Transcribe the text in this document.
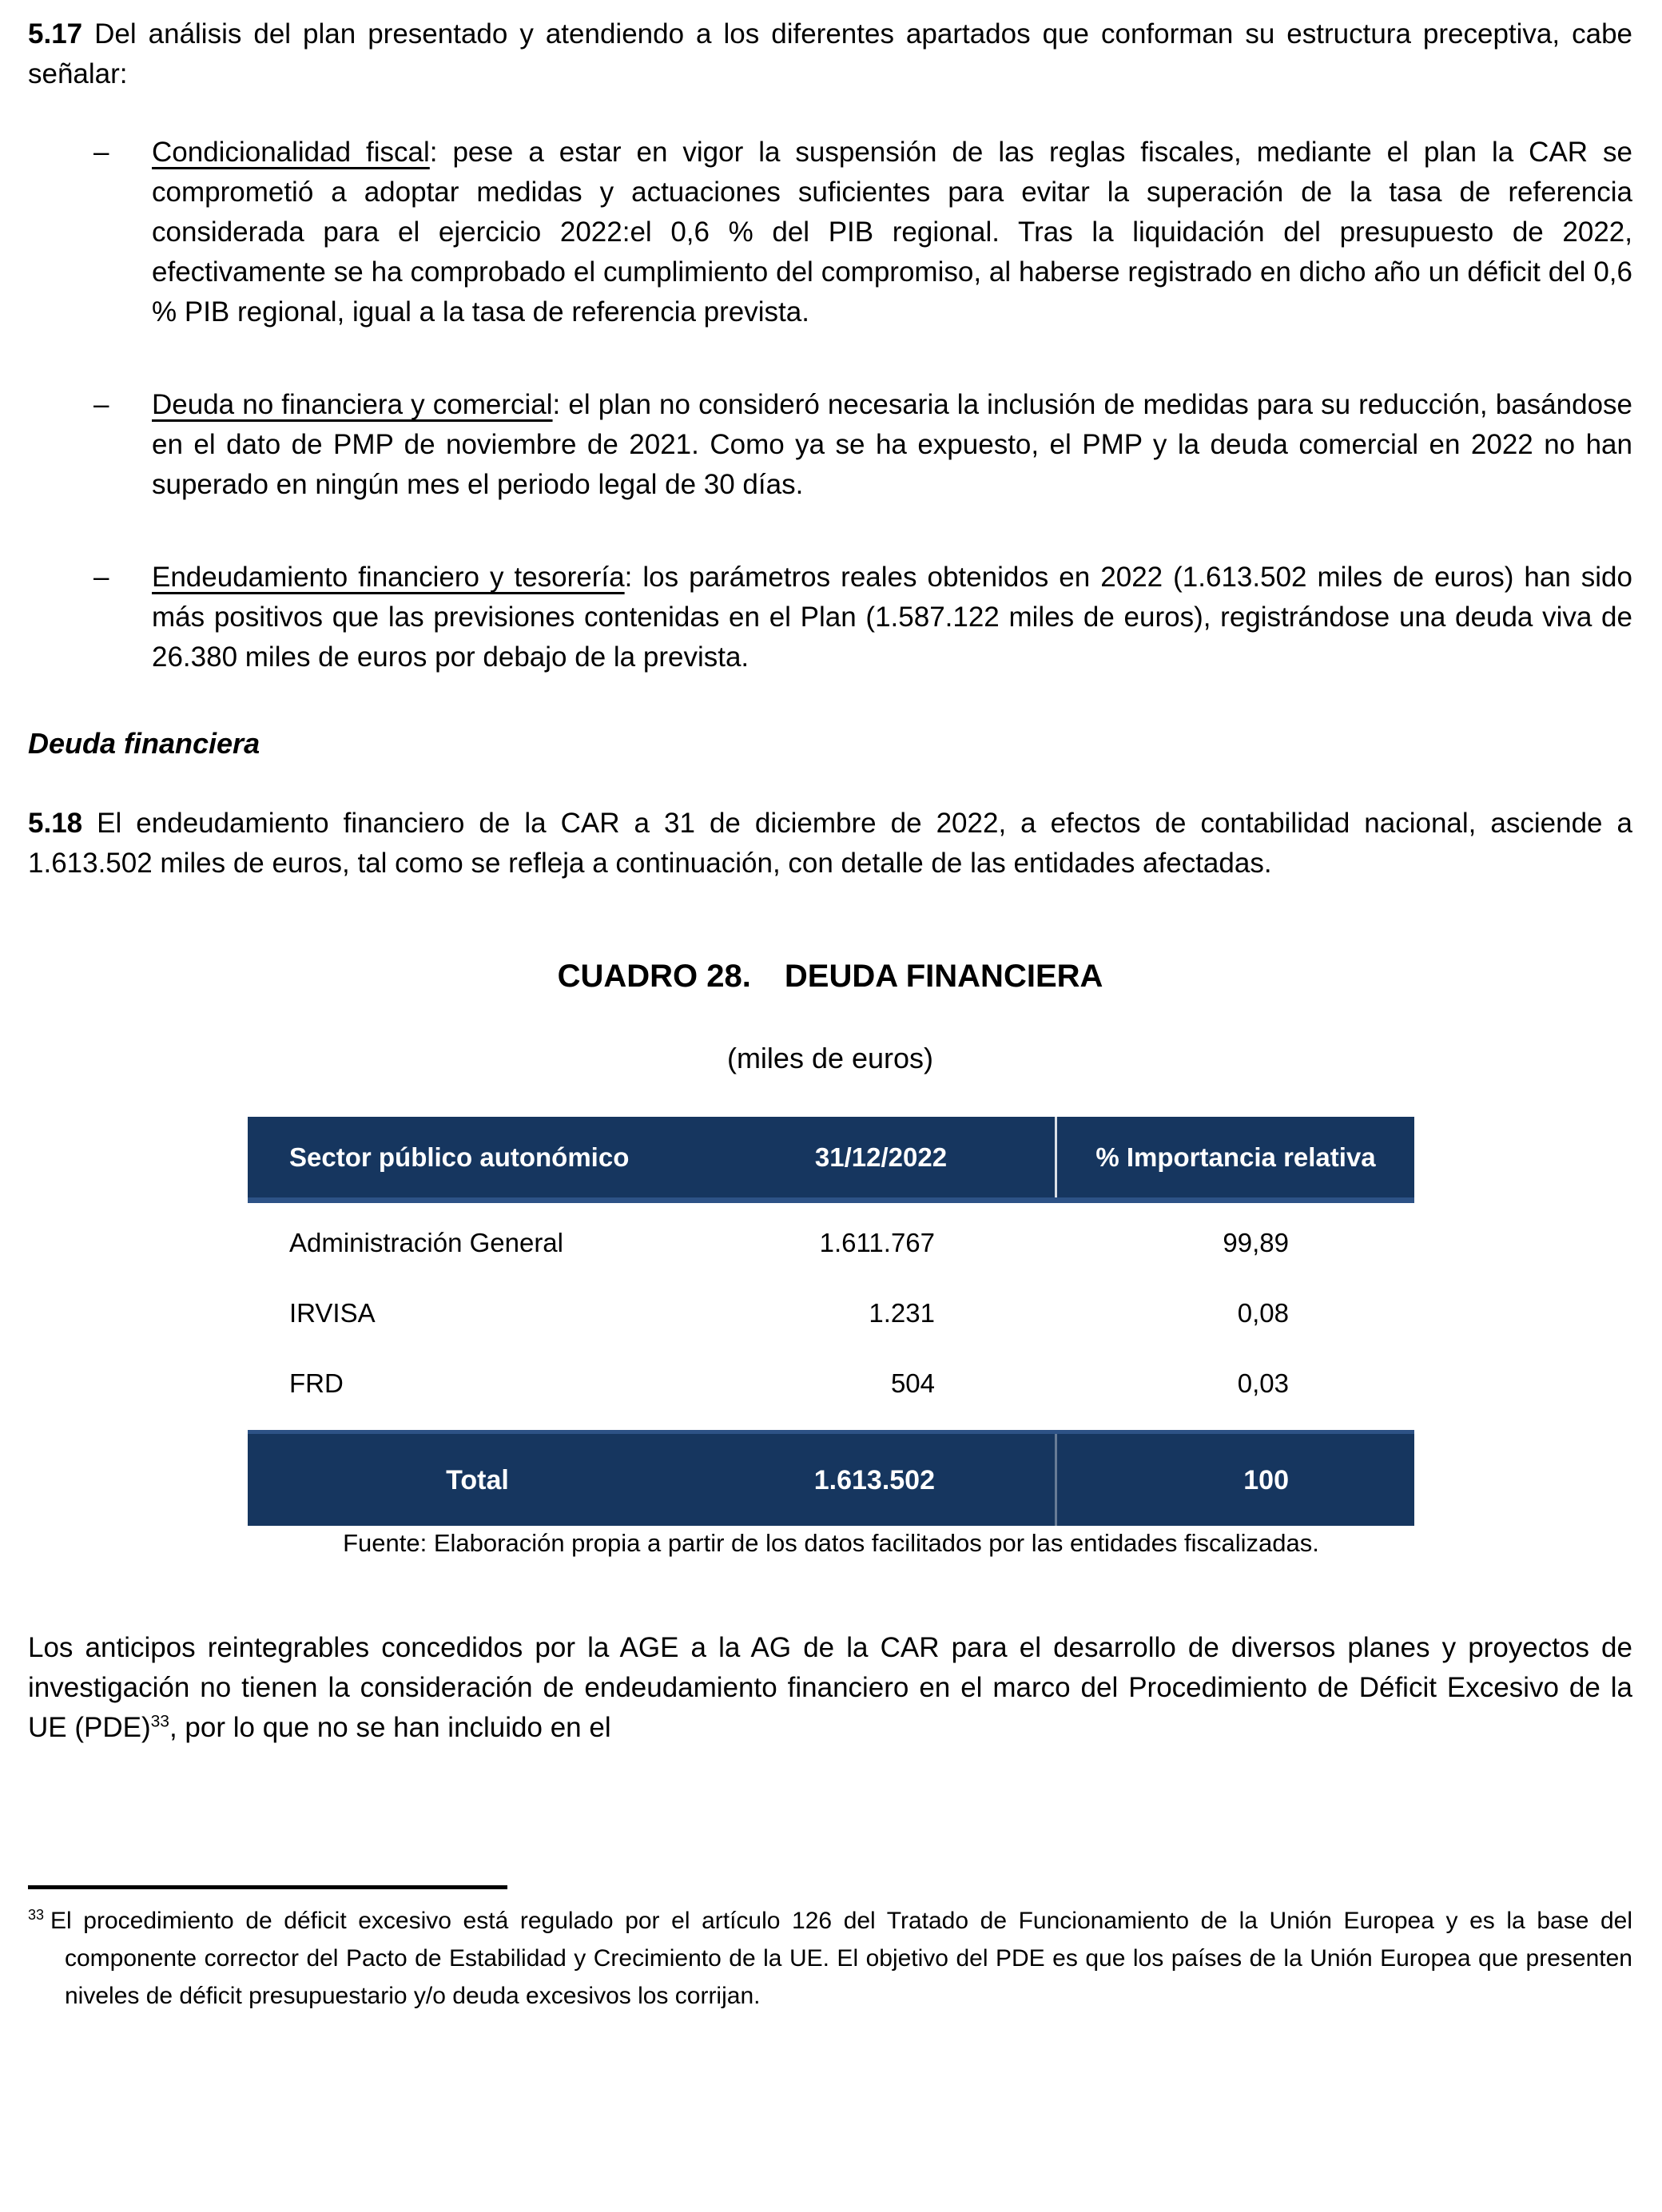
5.17 Del análisis del plan presentado y atendiendo a los diferentes apartados que conforman su estructura preceptiva, cabe señalar:

– Condicionalidad fiscal: pese a estar en vigor la suspensión de las reglas fiscales, mediante el plan la CAR se comprometió a adoptar medidas y actuaciones suficientes para evitar la superación de la tasa de referencia considerada para el ejercicio 2022:el 0,6 % del PIB regional. Tras la liquidación del presupuesto de 2022, efectivamente se ha comprobado el cumplimiento del compromiso, al haberse registrado en dicho año un déficit del 0,6 % PIB regional, igual a la tasa de referencia prevista.
– Deuda no financiera y comercial: el plan no consideró necesaria la inclusión de medidas para su reducción, basándose en el dato de PMP de noviembre de 2021. Como ya se ha expuesto, el PMP y la deuda comercial en 2022 no han superado en ningún mes el periodo legal de 30 días.
– Endeudamiento financiero y tesorería: los parámetros reales obtenidos en 2022 (1.613.502 miles de euros) han sido más positivos que las previsiones contenidas en el Plan (1.587.122 miles de euros), registrándose una deuda viva de 26.380 miles de euros por debajo de la prevista.
Deuda financiera

5.18 El endeudamiento financiero de la CAR a 31 de diciembre de 2022, a efectos de contabilidad nacional, asciende a 1.613.502 miles de euros, tal como se refleja a continuación, con detalle de las entidades afectadas.

CUADRO 28. DEUDA FINANCIERA
(miles de euros)
Sector público autonómico	31/12/2022	% Importancia relativa
Administración General	1.611.767	99,89
IRVISA	1.231	0,08
FRD	504	0,03
Total	1.613.502	100
Fuente: Elaboración propia a partir de los datos facilitados por las entidades fiscalizadas.

Los anticipos reintegrables concedidos por la AGE a la AG de la CAR para el desarrollo de diversos planes y proyectos de investigación no tienen la consideración de endeudamiento financiero en el marco del Procedimiento de Déficit Excesivo de la UE (PDE)$^{33}$, por lo que no se han incluido en el

$^{33}$ El procedimiento de déficit excesivo está regulado por el artículo 126 del Tratado de Funcionamiento de la Unión Europea y es la base del componente corrector del Pacto de Estabilidad y Crecimiento de la UE. El objetivo del PDE es que los países de la Unión Europea que presenten niveles de déficit presupuestario y/o deuda excesivos los corrijan.
